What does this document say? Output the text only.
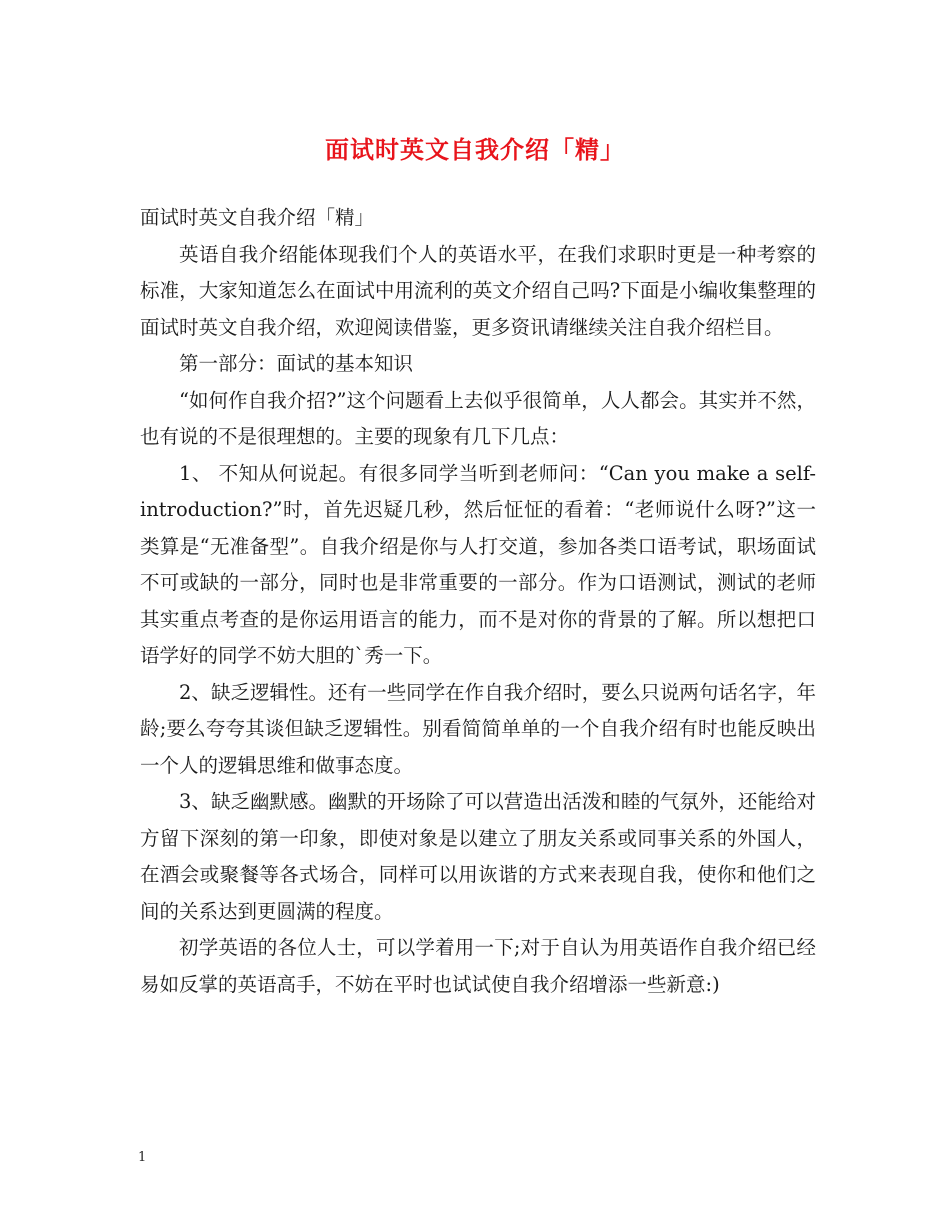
面试时英文自我介绍「精」

面试时英文自我介绍「精」

英语自我介绍能体现我们个人的英语水平，在我们求职时更是一种考察的标准，大家知道怎么在面试中用流利的英文介绍自己吗?下面是小编收集整理的面试时英文自我介绍，欢迎阅读借鉴，更多资讯请继续关注自我介绍栏目。

第一部分：面试的基本知识

“如何作自我介招?”这个问题看上去似乎很简单，人人都会。其实并不然，也有说的不是很理想的。主要的现象有几下几点：

1、 不知从何说起。有很多同学当听到老师问：“Can you make a self-introduction?”时，首先迟疑几秒，然后怔怔的看着：“老师说什么呀?”这一类算是“无准备型”。自我介绍是你与人打交道，参加各类口语考试，职场面试不可或缺的一部分，同时也是非常重要的一部分。作为口语测试，测试的老师其实重点考查的是你运用语言的能力，而不是对你的背景的了解。所以想把口语学好的同学不妨大胆的`秀一下。

2、缺乏逻辑性。还有一些同学在作自我介绍时，要么只说两句话名字，年龄;要么夸夸其谈但缺乏逻辑性。别看简简单单的一个自我介绍有时也能反映出一个人的逻辑思维和做事态度。

3、缺乏幽默感。幽默的开场除了可以营造出活泼和睦的气氛外，还能给对方留下深刻的第一印象，即使对象是以建立了朋友关系或同事关系的外国人，在酒会或聚餐等各式场合，同样可以用诙谐的方式来表现自我，使你和他们之间的关系达到更圆满的程度。

初学英语的各位人士，可以学着用一下;对于自认为用英语作自我介绍已经易如反掌的英语高手，不妨在平时也试试使自我介绍增添一些新意:)

1
